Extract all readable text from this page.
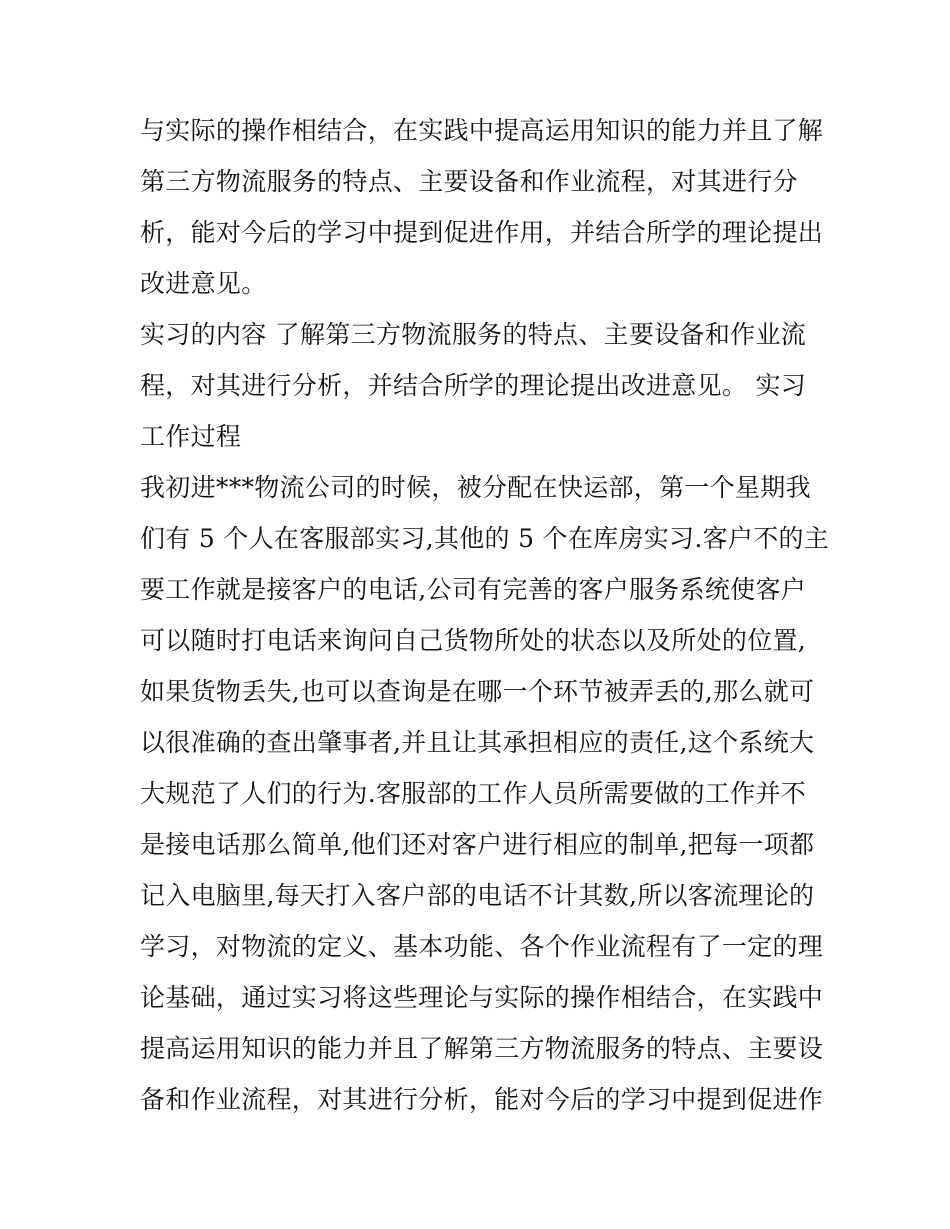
与实际的操作相结合，在实践中提高运用知识的能力并且了解
第三方物流服务的特点、主要设备和作业流程，对其进行分
析，能对今后的学习中提到促进作用，并结合所学的理论提出
改进意见。
实习的内容 了解第三方物流服务的特点、主要设备和作业流
程，对其进行分析，并结合所学的理论提出改进意见。 实习
工作过程
我初进***物流公司的时候，被分配在快运部，第一个星期我
们有 5 个人在客服部实习,其他的 5 个在库房实习.客户不的主
要工作就是接客户的电话,公司有完善的客户服务系统使客户
可以随时打电话来询问自己货物所处的状态以及所处的位置,
如果货物丢失,也可以查询是在哪一个环节被弄丢的,那么就可
以很准确的查出肇事者,并且让其承担相应的责任,这个系统大
大规范了人们的行为.客服部的工作人员所需要做的工作并不
是接电话那么简单,他们还对客户进行相应的制单,把每一项都
记入电脑里,每天打入客户部的电话不计其数,所以客流理论的
学习，对物流的定义、基本功能、各个作业流程有了一定的理
论基础，通过实习将这些理论与实际的操作相结合，在实践中
提高运用知识的能力并且了解第三方物流服务的特点、主要设
备和作业流程，对其进行分析，能对今后的学习中提到促进作
